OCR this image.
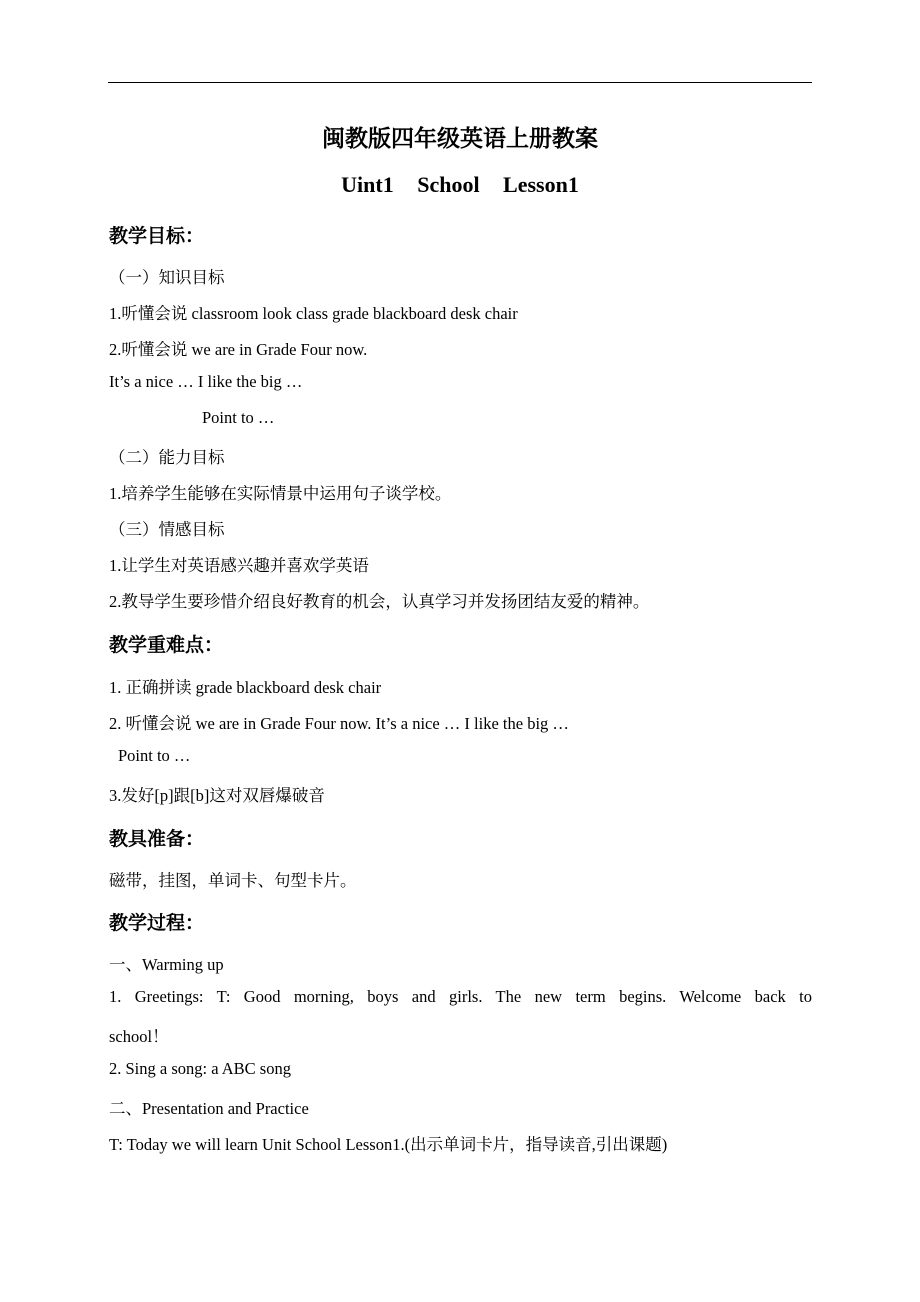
闽教版四年级英语上册教案
Uint1 School Lesson1
教学目标：
（一）知识目标
1.听懂会说 classroom look class grade blackboard desk chair
2.听懂会说 we are in Grade Four now.
It’s a nice … I like the big …
Point to …
（二）能力目标
1.培养学生能够在实际情景中运用句子谈学校。
（三）情感目标
1.让学生对英语感兴趣并喜欢学英语
2.教导学生要珍惜介绍良好教育的机会，认真学习并发扬团结友爱的精神。
教学重难点：
1. 正确拼读 grade blackboard desk chair
2. 听懂会说 we are in Grade Four now. It’s a nice … I like the big …
Point to …
3.发好[p]跟[b]这对双唇爆破音
教具准备：
磁带，挂图，单词卡、句型卡片。
教学过程：
一、Warming up
1. Greetings: T: Good morning, boys and girls. The new term begins. Welcome back to
school！
2. Sing a song: a ABC song
二、Presentation and Practice
T: Today we will learn Unit School Lesson1.(出示单词卡片，指导读音,引出课题)
